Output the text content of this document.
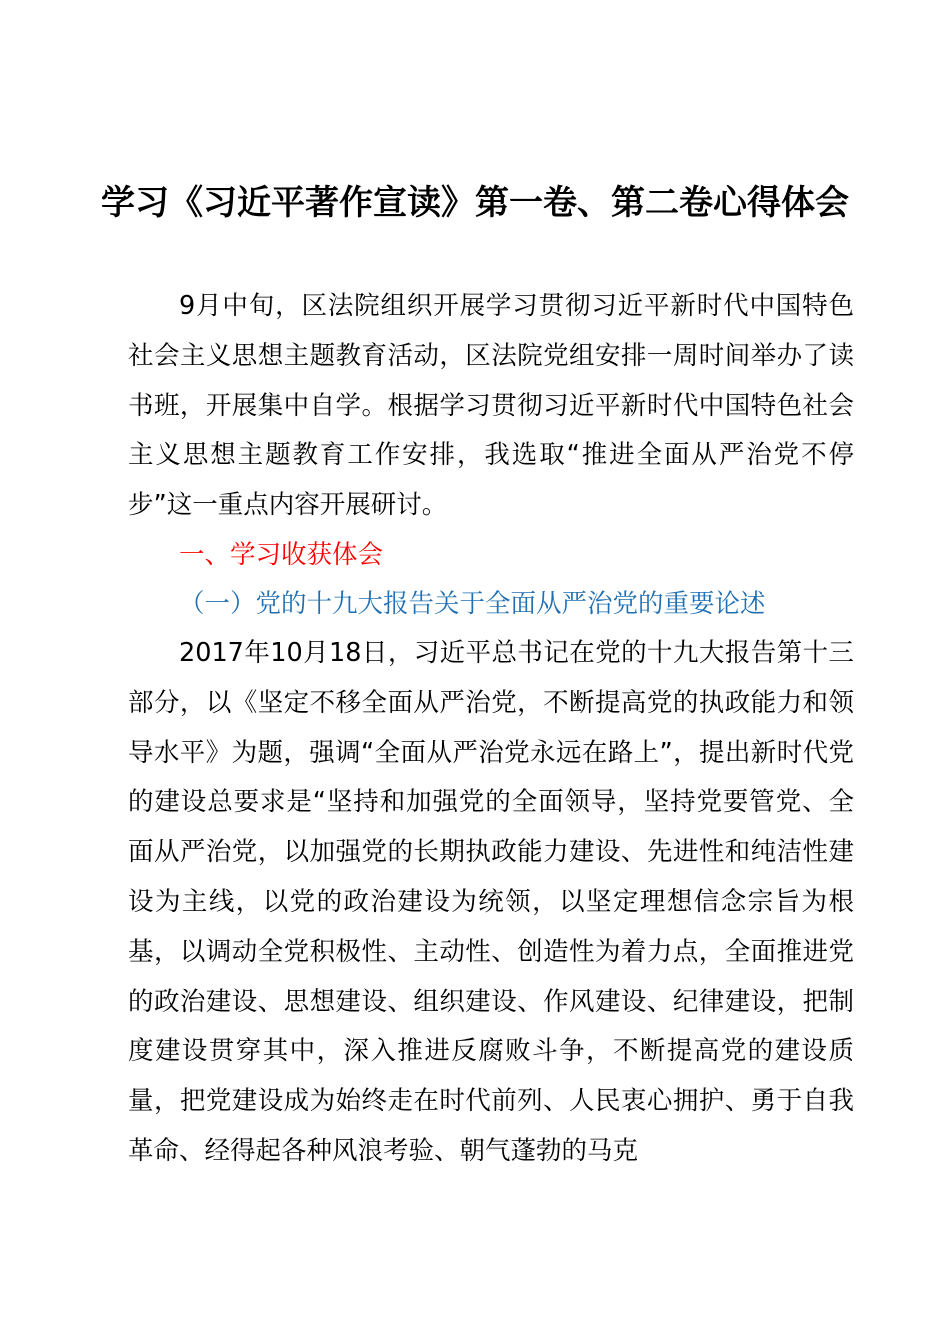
学习《习近平著作宣读》第一卷、第二卷心得体会

9月中旬，区法院组织开展学习贯彻习近平新时代中国特色社会主义思想主题教育活动，区法院党组安排一周时间举办了读书班，开展集中自学。根据学习贯彻习近平新时代中国特色社会主义思想主题教育工作安排，我选取“推进全面从严治党不停步”这一重点内容开展研讨。

一、学习收获体会

（一）党的十九大报告关于全面从严治党的重要论述

2017年10月18日，习近平总书记在党的十九大报告第十三部分，以《坚定不移全面从严治党，不断提高党的执政能力和领导水平》为题，强调“全面从严治党永远在路上”，提出新时代党的建设总要求是“坚持和加强党的全面领导，坚持党要管党、全面从严治党，以加强党的长期执政能力建设、先进性和纯洁性建设为主线，以党的政治建设为统领，以坚定理想信念宗旨为根基，以调动全党积极性、主动性、创造性为着力点，全面推进党的政治建设、思想建设、组织建设、作风建设、纪律建设，把制度建设贯穿其中，深入推进反腐败斗争，不断提高党的建设质量，把党建设成为始终走在时代前列、人民衷心拥护、勇于自我革命、经得起各种风浪考验、朝气蓬勃的马克
